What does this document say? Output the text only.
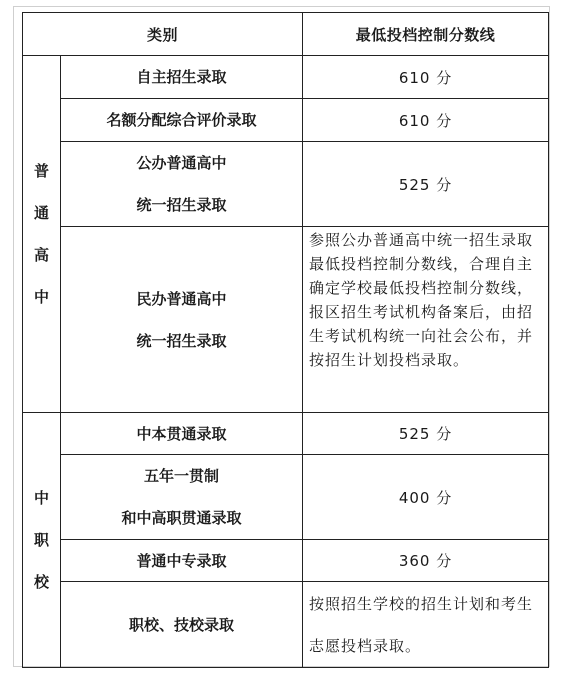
类别		最低投档控制分数线

普
通
高
中	自主招生录取	610 分
	名额分配综合评价录取	610 分

	公办普通高中
统一招生录取	525 分

	民办普通高中
统一招生录取	参照公办普通高中统一招生录取最低投档控制分数线，合理自主确定学校最低投档控制分数线，报区招生考试机构备案后，由招生考试机构统一向社会公布，并按招生计划投档录取。

中
职
校	中本贯通录取	525 分

	五年一贯制
和中高职贯通录取	400 分
	普通中专录取	360 分
	职校、技校录取	按照招生学校的招生计划和考生志愿投档录取。
